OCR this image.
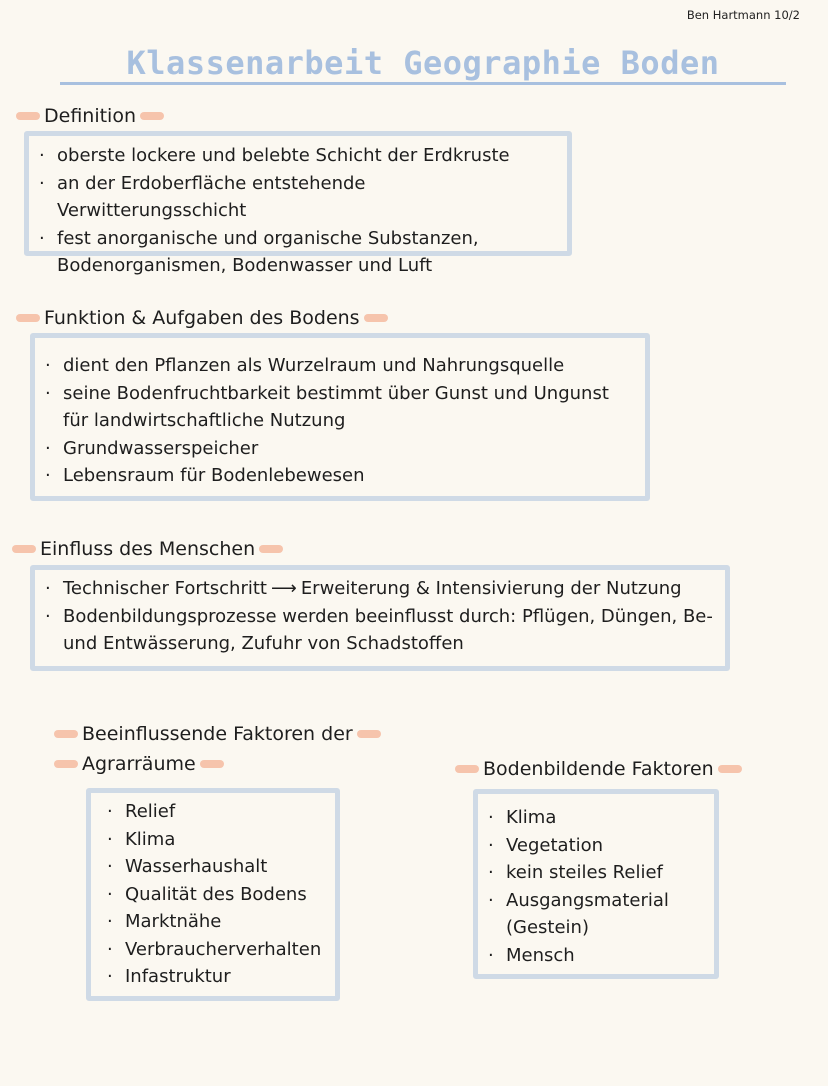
Ben Hartmann 10/2
Klassenarbeit Geographie Boden
Definition
· oberste lockere und belebte Schicht der Erdkruste
· an der Erdoberfläche entstehende Verwitterungsschicht
· fest anorganische und organische Substanzen, Bodenorganismen, Bodenwasser und Luft
Funktion & Aufgaben des Bodens
· dient den Pflanzen als Wurzelraum und Nahrungsquelle
· seine Bodenfruchtbarkeit bestimmt über Gunst und Ungunst für landwirtschaftliche Nutzung
· Grundwasserspeicher
· Lebensraum für Bodenlebewesen
Einfluss des Menschen
· Technischer Fortschritt ⟶ Erweiterung & Intensivierung der Nutzung
· Bodenbildungsprozesse werden beeinflusst durch: Pflügen, Düngen, Be- und Entwässerung, Zufuhr von Schadstoffen
Beeinflussende Faktoren der
Agrarräume
· Relief
· Klima
· Wasserhaushalt
· Qualität des Bodens
· Marktnähe
· Verbraucherverhalten
· Infastruktur
Bodenbildende Faktoren
· Klima
· Vegetation
· kein steiles Relief
· Ausgangsmaterial (Gestein)
· Mensch
